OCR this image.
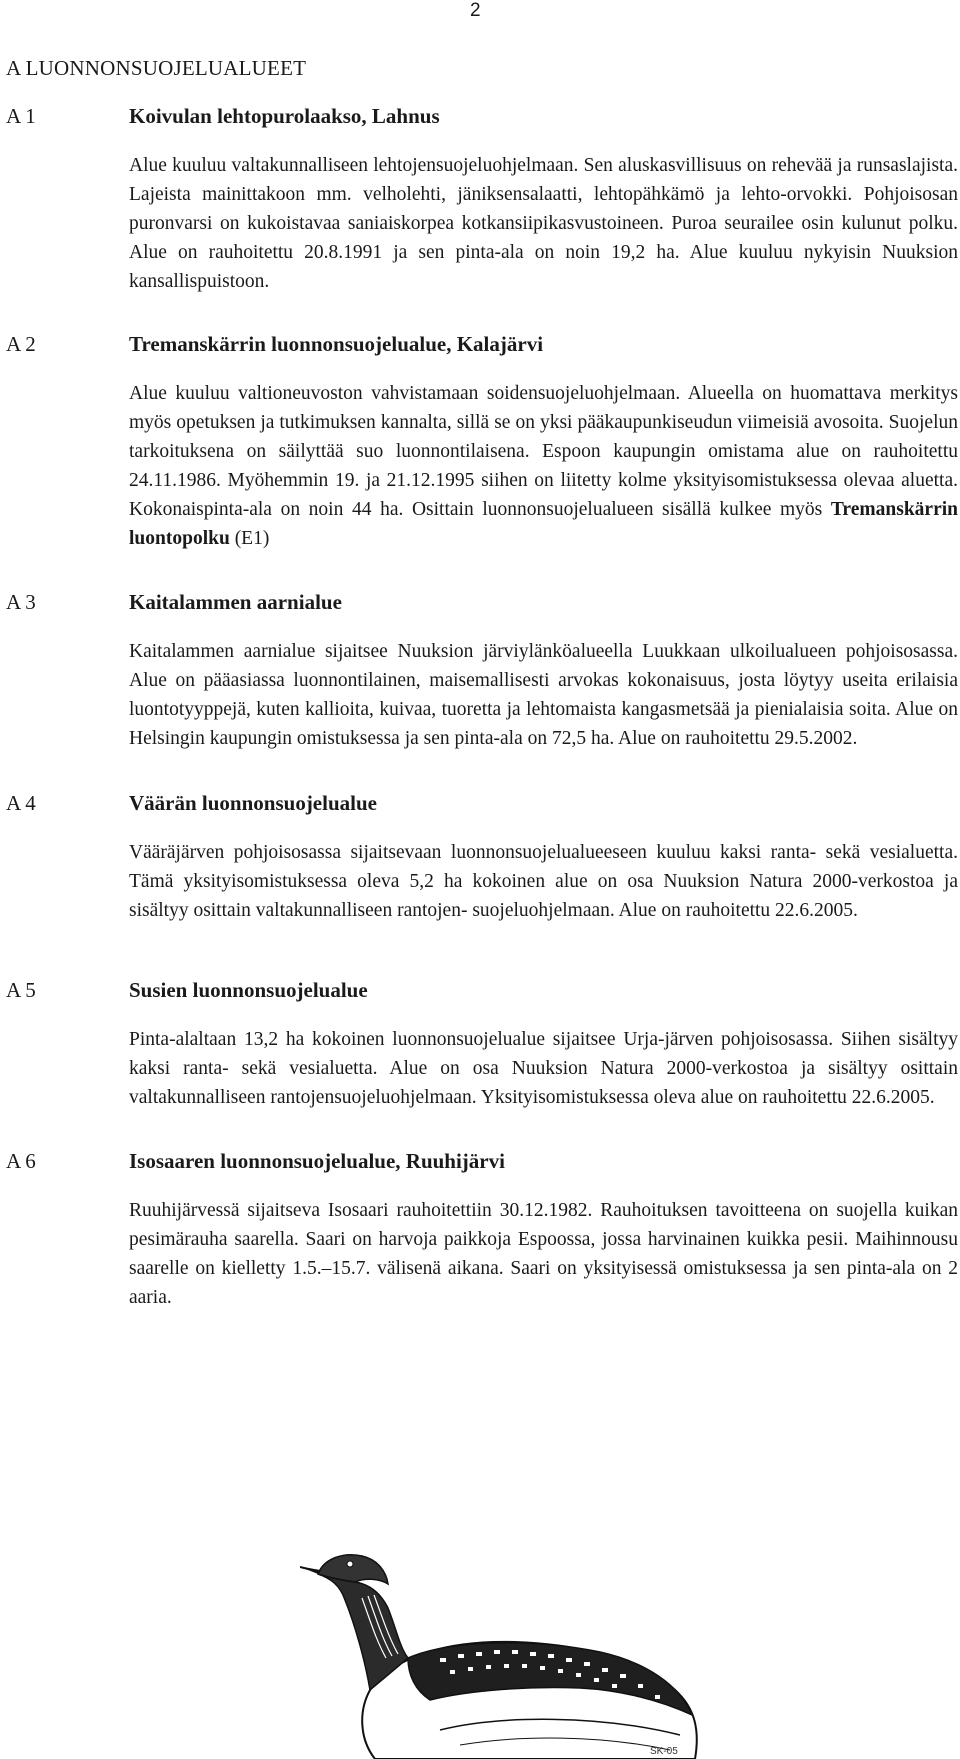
2
A LUONNONSUOJELUALUEET
A 1	Koivulan lehtopurolaakso, Lahnus

Alue kuuluu valtakunnalliseen lehtojensuojeluohjelmaan. Sen aluskasvillisuus on rehevää ja runsaslajista. Lajeista mainittakoon mm. velholehti, jäniksensalaatti, lehtopähkämö ja lehto-orvokki. Pohjoisosan puronvarsi on kukoistavaa saniaiskorpea kotkansiipikasvustoineen. Puroa seurailee osin kulunut polku. Alue on rauhoitettu 20.8.1991 ja sen pinta-ala on noin 19,2 ha. Alue kuuluu nykyisin Nuuksion kansallispuistoon.

A 2	Tremanskärrin luonnonsuojelualue, Kalajärvi

Alue kuuluu valtioneuvoston vahvistamaan soidensuojeluohjelmaan. Alueella on huomattava merkitys myös opetuksen ja tutkimuksen kannalta, sillä se on yksi pääkaupunkiseudun viimeisiä avosoita. Suojelun tarkoituksena on säilyttää suo luonnontilaisena. Espoon kaupungin omistama alue on rauhoitettu 24.11.1986. Myöhemmin 19. ja 21.12.1995 siihen on liitetty kolme yksityisomistuksessa olevaa aluetta. Kokonaispinta-ala on noin 44 ha. Osittain luonnonsuojelualueen sisällä kulkee myös Tremanskärrin luontopolku (E1)

A 3	Kaitalammen aarnialue

Kaitalammen aarnialue sijaitsee Nuuksion järviylänköalueella Luukkaan ulkoilualueen pohjoisosassa. Alue on pääasiassa luonnontilainen, maisemallisesti arvokas kokonaisuus, josta löytyy useita erilaisia luontotyyppejä, kuten kallioita, kuivaa, tuoretta ja lehtomaista kangasmetsää ja pienialaisia soita. Alue on Helsingin kaupungin omistuksessa ja sen pinta-ala on 72,5 ha. Alue on rauhoitettu 29.5.2002.

A 4	Väärän luonnonsuojelualue

Vääräjärven pohjoisosassa sijaitsevaan luonnonsuojelualueeseen kuuluu kaksi ranta- sekä vesialuetta. Tämä yksityisomistuksessa oleva 5,2 ha kokoinen alue on osa Nuuksion Natura 2000-verkostoa ja sisältyy osittain valtakunnalliseen rantojen- suojeluohjelmaan. Alue on rauhoitettu 22.6.2005.

A 5	Susien luonnonsuojelualue

Pinta-alaltaan 13,2 ha kokoinen luonnonsuojelualue sijaitsee Urja-järven pohjoisosassa. Siihen sisältyy kaksi ranta- sekä vesialuetta. Alue on osa Nuuksion Natura 2000-verkostoa ja sisältyy osittain valtakunnalliseen rantojensuojeluohjelmaan. Yksityisomistuksessa oleva alue on rauhoitettu 22.6.2005.

A 6	Isosaaren luonnonsuojelualue, Ruuhijärvi

Ruuhijärvessä sijaitseva Isosaari rauhoitettiin 30.12.1982. Rauhoituksen tavoitteena on suojella kuikan pesimärauha saarella. Saari on harvoja paikkoja Espoossa, jossa harvinainen kuikka pesii. Maihinnousu saarelle on kielletty 1.5.–15.7. välisenä aikana. Saari on yksityisessä omistuksessa ja sen pinta-ala on 2 aaria.

SK-05
